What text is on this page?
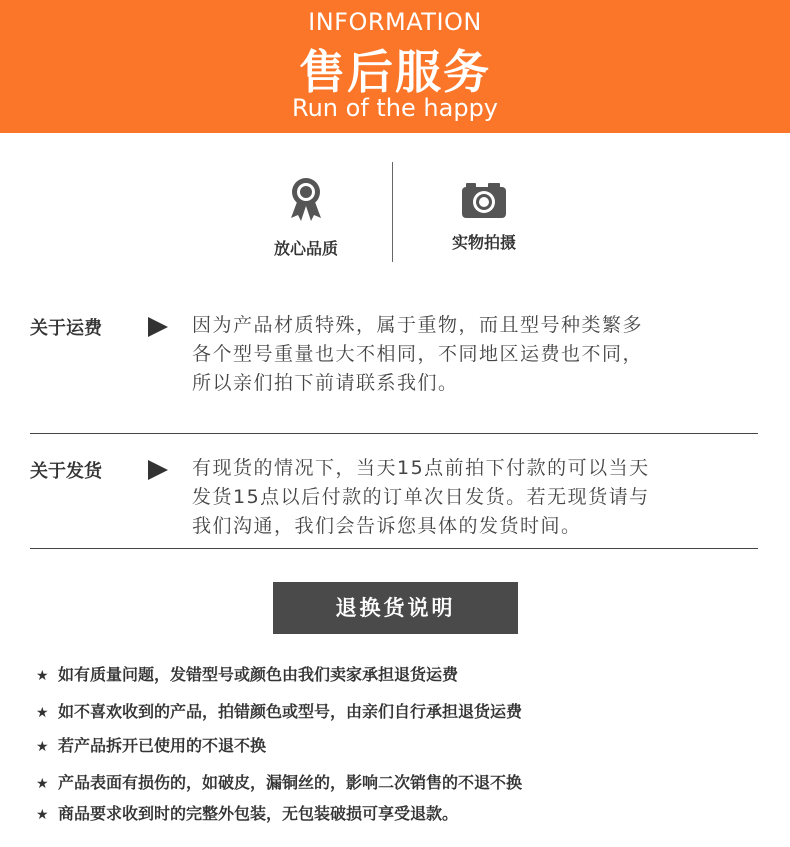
INFORMATION
售后服务
Run of the happy
放心品质	实物拍摄
关于运费	因为产品材质特殊，属于重物，而且型号种类繁多
各个型号重量也大不相同，不同地区运费也不同，
所以亲们拍下前请联系我们。
关于发货	有现货的情况下，当天15点前拍下付款的可以当天
发货15点以后付款的订单次日发货。若无现货请与
我们沟通，我们会告诉您具体的发货时间。
退换货说明
★ 如有质量问题，发错型号或颜色由我们卖家承担退货运费
★ 如不喜欢收到的产品，拍错颜色或型号，由亲们自行承担退货运费
★ 若产品拆开已使用的不退不换
★ 产品表面有损伤的，如破皮，漏铜丝的，影响二次销售的不退不换
★ 商品要求收到时的完整外包装，无包装破损可享受退款。
